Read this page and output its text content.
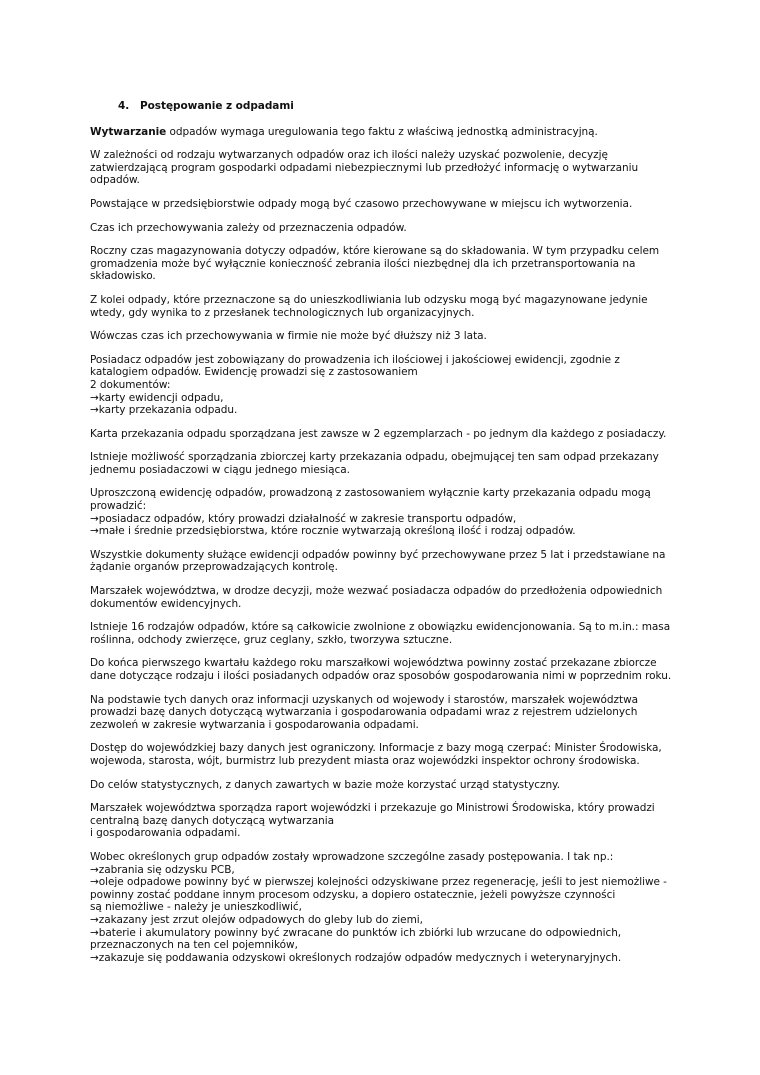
4. Postępowanie z odpadami

Wytwarzanie odpadów wymaga uregulowania tego faktu z właściwą jednostką administracyjną.

W zależności od rodzaju wytwarzanych odpadów oraz ich ilości należy uzyskać pozwolenie, decyzję
zatwierdzającą program gospodarki odpadami niebezpiecznymi lub przedłożyć informację o wytwarzaniu
odpadów.

Powstające w przedsiębiorstwie odpady mogą być czasowo przechowywane w miejscu ich wytworzenia.

Czas ich przechowywania zależy od przeznaczenia odpadów.

Roczny czas magazynowania dotyczy odpadów, które kierowane są do składowania. W tym przypadku celem
gromadzenia może być wyłącznie konieczność zebrania ilości niezbędnej dla ich przetransportowania na
składowisko.

Z kolei odpady, które przeznaczone są do unieszkodliwiania lub odzysku mogą być magazynowane jedynie
wtedy, gdy wynika to z przesłanek technologicznych lub organizacyjnych.

Wówczas czas ich przechowywania w firmie nie może być dłuższy niż 3 lata.

Posiadacz odpadów jest zobowiązany do prowadzenia ich ilościowej i jakościowej ewidencji, zgodnie z
katalogiem odpadów. Ewidencję prowadzi się z zastosowaniem
2 dokumentów:
→karty ewidencji odpadu,
→karty przekazania odpadu.

Karta przekazania odpadu sporządzana jest zawsze w 2 egzemplarzach - po jednym dla każdego z posiadaczy.

Istnieje możliwość sporządzania zbiorczej karty przekazania odpadu, obejmującej ten sam odpad przekazany
jednemu posiadaczowi w ciągu jednego miesiąca.

Uproszczoną ewidencję odpadów, prowadzoną z zastosowaniem wyłącznie karty przekazania odpadu mogą
prowadzić:
→posiadacz odpadów, który prowadzi działalność w zakresie transportu odpadów,
→małe i średnie przedsiębiorstwa, które rocznie wytwarzają określoną ilość i rodzaj odpadów.

Wszystkie dokumenty służące ewidencji odpadów powinny być przechowywane przez 5 lat i przedstawiane na
żądanie organów przeprowadzających kontrolę.

Marszałek województwa, w drodze decyzji, może wezwać posiadacza odpadów do przedłożenia odpowiednich
dokumentów ewidencyjnych.

Istnieje 16 rodzajów odpadów, które są całkowicie zwolnione z obowiązku ewidencjonowania. Są to m.in.: masa
roślinna, odchody zwierzęce, gruz ceglany, szkło, tworzywa sztuczne.

Do końca pierwszego kwartału każdego roku marszałkowi województwa powinny zostać przekazane zbiorcze
dane dotyczące rodzaju i ilości posiadanych odpadów oraz sposobów gospodarowania nimi w poprzednim roku.

Na podstawie tych danych oraz informacji uzyskanych od wojewody i starostów, marszałek województwa
prowadzi bazę danych dotyczącą wytwarzania i gospodarowania odpadami wraz z rejestrem udzielonych
zezwoleń w zakresie wytwarzania i gospodarowania odpadami.

Dostęp do wojewódzkiej bazy danych jest ograniczony. Informacje z bazy mogą czerpać: Minister Środowiska,
wojewoda, starosta, wójt, burmistrz lub prezydent miasta oraz wojewódzki inspektor ochrony środowiska.

Do celów statystycznych, z danych zawartych w bazie może korzystać urząd statystyczny.

Marszałek województwa sporządza raport wojewódzki i przekazuje go Ministrowi Środowiska, który prowadzi
centralną bazę danych dotyczącą wytwarzania
i gospodarowania odpadami.

Wobec określonych grup odpadów zostały wprowadzone szczególne zasady postępowania. I tak np.:
→zabrania się odzysku PCB,
→oleje odpadowe powinny być w pierwszej kolejności odzyskiwane przez regenerację, jeśli to jest niemożliwe -
powinny zostać poddane innym procesom odzysku, a dopiero ostatecznie, jeżeli powyższe czynności
są niemożliwe - należy je unieszkodliwić,
→zakazany jest zrzut olejów odpadowych do gleby lub do ziemi,
→baterie i akumulatory powinny być zwracane do punktów ich zbiórki lub wrzucane do odpowiednich,
przeznaczonych na ten cel pojemników,
→zakazuje się poddawania odzyskowi określonych rodzajów odpadów medycznych i weterynaryjnych.
